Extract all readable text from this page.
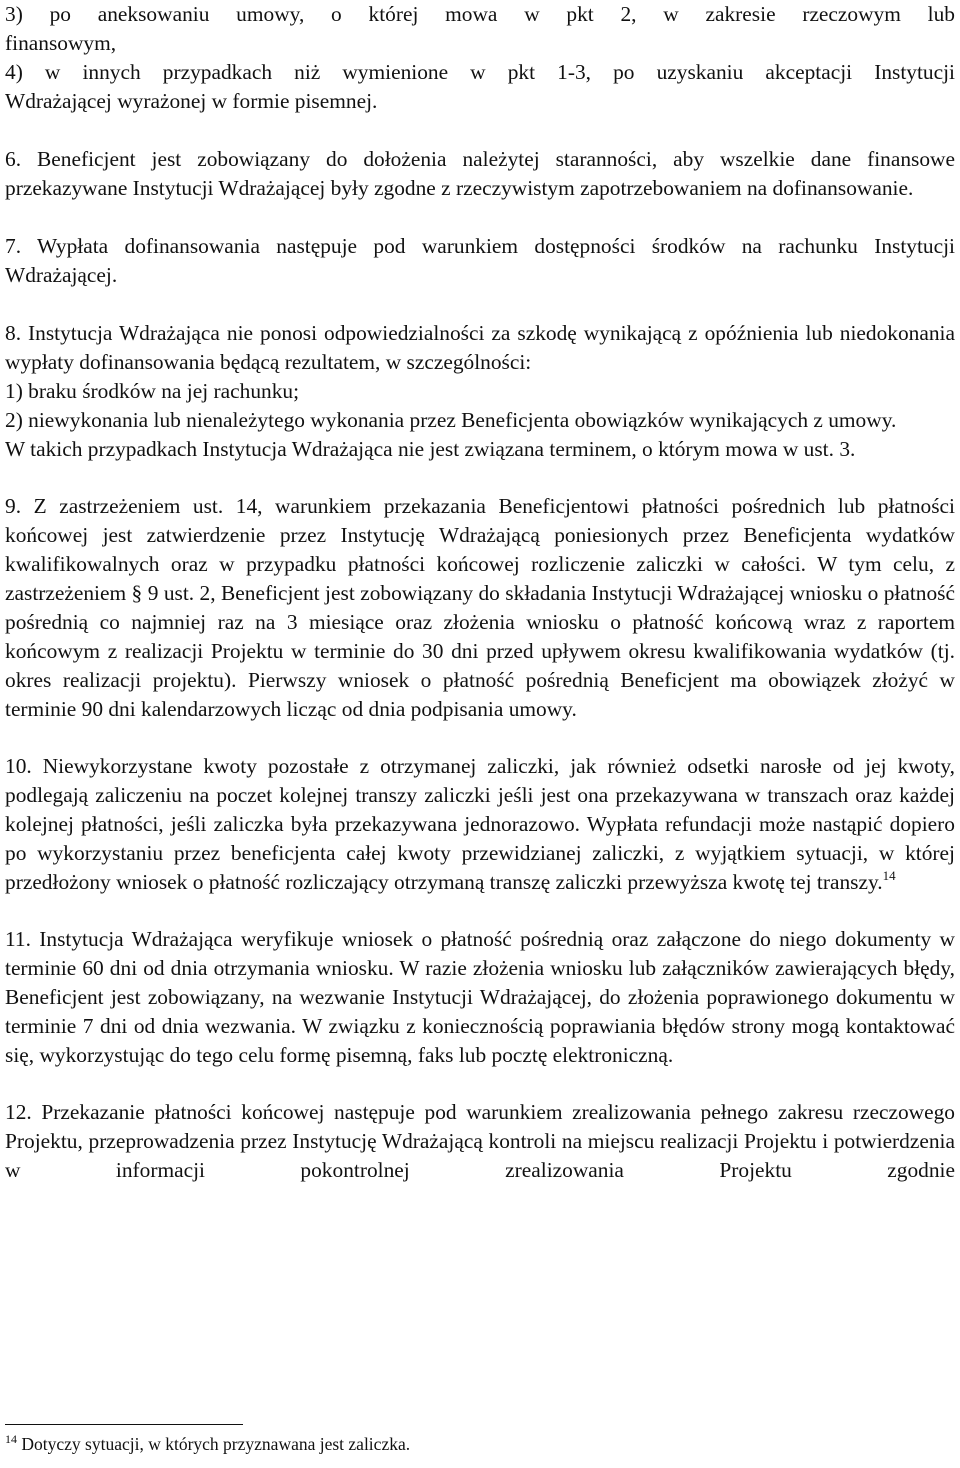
3) po aneksowaniu umowy, o której mowa w pkt 2, w zakresie rzeczowym lub
finansowym,

4) w innych przypadkach niż wymienione w pkt 1-3, po uzyskaniu akceptacji Instytucji
Wdrażającej wyrażonej w formie pisemnej.

6. Beneficjent jest zobowiązany do dołożenia należytej staranności, aby wszelkie dane finansowe przekazywane Instytucji Wdrażającej były zgodne z rzeczywistym zapotrzebowaniem na dofinansowanie.

7. Wypłata dofinansowania następuje pod warunkiem dostępności środków na rachunku Instytucji Wdrażającej.

8. Instytucja Wdrażająca nie ponosi odpowiedzialności za szkodę wynikającą z opóźnienia lub niedokonania wypłaty dofinansowania będącą rezultatem, w szczególności:

1) braku środków na jej rachunku;

2) niewykonania lub nienależytego wykonania przez Beneficjenta obowiązków wynikających z umowy.

W takich przypadkach Instytucja Wdrażająca nie jest związana terminem, o którym mowa w ust. 3.

9. Z zastrzeżeniem ust. 14, warunkiem przekazania Beneficjentowi płatności pośrednich lub płatności końcowej jest zatwierdzenie przez Instytucję Wdrażającą poniesionych przez Beneficjenta wydatków kwalifikowalnych oraz w przypadku płatności końcowej rozliczenie zaliczki w całości. W tym celu, z zastrzeżeniem § 9 ust. 2, Beneficjent jest zobowiązany do składania Instytucji Wdrażającej wniosku o płatność pośrednią co najmniej raz na 3 miesiące oraz złożenia wniosku o płatność końcową wraz z raportem końcowym z realizacji Projektu w terminie do 30 dni przed upływem okresu kwalifikowania wydatków (tj. okres realizacji projektu). Pierwszy wniosek o płatność pośrednią Beneficjent ma obowiązek złożyć w terminie 90 dni kalendarzowych licząc od dnia podpisania umowy.

10. Niewykorzystane kwoty pozostałe z otrzymanej zaliczki, jak również odsetki narosłe od jej kwoty, podlegają zaliczeniu na poczet kolejnej transzy zaliczki jeśli jest ona przekazywana w transzach oraz każdej kolejnej płatności, jeśli zaliczka była przekazywana jednorazowo. Wypłata refundacji może nastąpić dopiero po wykorzystaniu przez beneficjenta całej kwoty przewidzianej zaliczki, z wyjątkiem sytuacji, w której przedłożony wniosek o płatność rozliczający otrzymaną transzę zaliczki przewyższa kwotę tej transzy.$^{14}$

11. Instytucja Wdrażająca weryfikuje wniosek o płatność pośrednią oraz załączone do niego dokumenty w terminie 60 dni od dnia otrzymania wniosku. W razie złożenia wniosku lub załączników zawierających błędy, Beneficjent jest zobowiązany, na wezwanie Instytucji Wdrażającej, do złożenia poprawionego dokumentu w terminie 7 dni od dnia wezwania. W związku z koniecznością poprawiania błędów strony mogą kontaktować się, wykorzystując do tego celu formę pisemną, faks lub pocztę elektroniczną.

12. Przekazanie płatności końcowej następuje pod warunkiem zrealizowania pełnego zakresu rzeczowego Projektu, przeprowadzenia przez Instytucję Wdrażającą kontroli na miejscu realizacji Projektu i potwierdzenia w informacji pokontrolnej zrealizowania Projektu zgodnie

$^{14}$ Dotyczy sytuacji, w których przyznawana jest zaliczka.
